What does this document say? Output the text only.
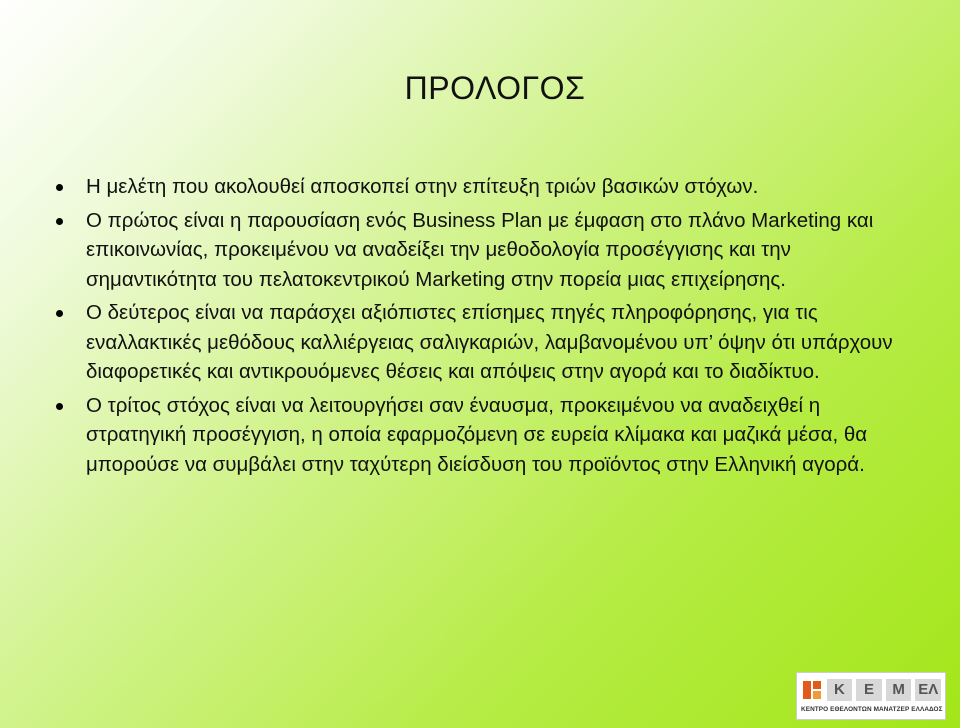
ΠΡΟΛΟΓΟΣ
Η μελέτη που ακολουθεί αποσκοπεί στην επίτευξη τριών βασικών στόχων.
Ο πρώτος είναι η παρουσίαση ενός Business Plan με έμφαση στο πλάνο Marketing και επικοινωνίας, προκειμένου να αναδείξει την μεθοδολογία προσέγγισης και την σημαντικότητα του πελατοκεντρικού Marketing στην πορεία μιας επιχείρησης.
Ο δεύτερος είναι να παράσχει αξιόπιστες επίσημες πηγές πληροφόρησης, για τις εναλλακτικές μεθόδους καλλιέργειας σαλιγκαριών, λαμβανομένου υπ’ όψην ότι υπάρχουν διαφορετικές και αντικρουόμενες θέσεις και απόψεις στην αγορά και το διαδίκτυο.
Ο τρίτος στόχος είναι να λειτουργήσει σαν έναυσμα, προκειμένου να αναδειχθεί η στρατηγική προσέγγιση, η οποία εφαρμοζόμενη σε ευρεία κλίμακα και μαζικά μέσα, θα μπορούσε να συμβάλει στην ταχύτερη διείσδυση του προϊόντος στην Ελληνική αγορά.
Κ	Ε	Μ ΕΛ
ΚΕΝΤΡΟ ΕΘΕΛΟΝΤΩΝ ΜΑΝΑΤΖΕΡ ΕΛΛΑΔΟΣ
